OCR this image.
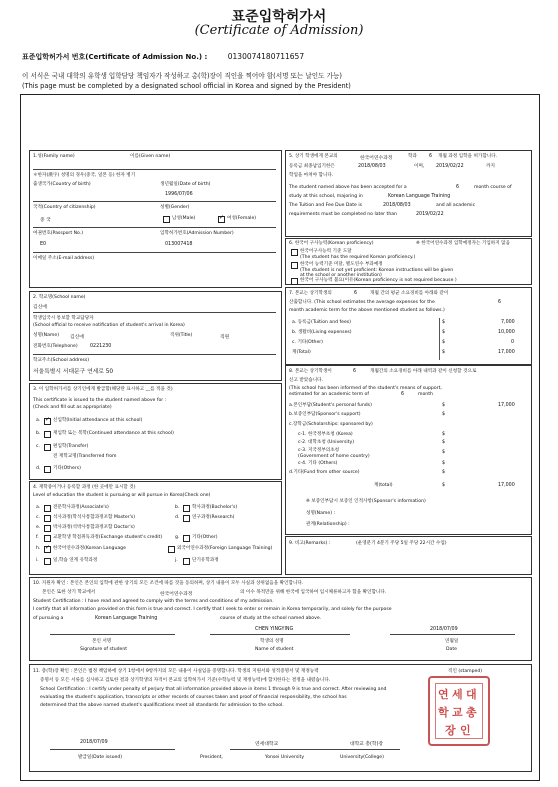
표준입학허가서
(Certificate of Admission)
표준입학허가서 번호(Certificate of Admission No.) :	0130074180711657
이 서식은 국내 대학의 유학생 입학담당 책임자가 작성하고 총(학)장이 직인을 찍어야 함(서명 또는 날인도 가능)
(This page must be completed by a designated school official in Korea and signed by the President)
1.성(Family name)	이름(Given name)
＊한자(漢字) 성명의 경우(중국, 일본 등) 한자 병기
출생국가(Country of birth)	생년월일(Date of birth)
1996/07/06
국적(Country of citizenship)	성별(Gender)
중 국	남성(Male) ✓	여성(Female)
여권번호(Passport No.)	입학허가번호(Admission Number)
E0	013007418
이메일 주소(E-mail address)
2. 학교명(School name)
김신애
학생입국시 통보할 학교담당자
(School official to receive notification of student's arrival in Korea)
성명(Name) 김신애	직위(Title)	직원
전화번호(Telephone)	0221230
학교주소(School address)
서울특별시 서대문구 연세로 50
3. 이 입학허가서를 상기인에게 발급함(해당란 표시하고 __를 적을 것)
This certificate is issued to the student named above for :
(Check and fill out as appropriate)
a. ✓	신입학(Initial attendance at this school)
b.	재입학 또는 복학(Continued attendance at this school)
c.	편입학(Transfer)
전 재학교명(Transferred from
d.	기타(Others)
4. 재학중이거나 등록할 과정 (한 곳에만 표시할 것)
Level of education the student is pursuing or will pursue in Korea(Check one)
a.	전문학사과정(Associate's)	b.	학사과정(Bachelor's)
c.	석사과정(학석사통합과정포함 Master's)	d.	연구과정(Research)
e.	박사과정(석박사통합과정포함 Doctor's)
f.	교환학생 학점취득과정(Exchange student's credit)	g.	기타(Other)
h. ✓	한국어연수과정(Korean Language	외국어연수과정(Foreign Language Training)
i.	일,학습 연계 유학과정	j.	단기유학과정
5. 상기 학생에게 본교의	한국어연수과정	학과	6 개월 과정 입학을 허가합니다.
등록금 최종납입기한은	2018/08/03	이며, 2019/02/22	까지
학업을 마쳐야 합니다.
The student named above has been accepted for a	6	month course of
study at this school, majoring in	Korean Language Training
The Tuition and Fee Due Date is	2018/08/03	and all academic
requirements must be completed no later than	2019/02/22
6. 한국어 구사능력(Korean proficiency)	※ 한국어연수과정 입학예정자는 기입하지 않음
한국어구사능력 기준 도달
(The student has the required Korean proficiency.)
한국어 능력기준 미달, 별도연수 부과예정
(The student is not yet proficient: Korean instructions will be given
at the school or another institution)
한국어 구사능력 불요(이유(Korean proficiency is not required because )
7. 본교는 상기학생의	6	개월 간의 평균 소요경비를 아래와 같이
산출합니다. (This school estimates the average expenses for the	6
month academic term for the above mentioned student as follows.)
a. 등록금(Tuition and fees)	$	7,000
b. 생활비(Living expenses)	$	10,000
c. 기타(Other)	$	0
계(Total)	$	17,000
8. 본교는 상기학생이	6	개월간의 소요경비를 아래 내역과 같이 신청할 것으로
신고 받았습니다.
(This school has been informed of the student's means of support,
estimated for an academic term of	6	month
a.본인부담(Student's personal funds)	$	17,000
b.보증인부담(Sponsor's support)	$
c.장학금(Scholarships: sponsored by)
c-1. 한국정부초청 (Korea)	$
c-2. 대학초청 (University)	$
c-3. 지국정부의초청	$
(Government of home country)
c-4. 기타 (Others)	$
d.기타(Fund from other source)	$
계(total)	$	17,000
※ 보증인부담시 보증인 인적사항(Sponsor's information)
성명(Name) :
관계(Relationship) :
9. 비고(Remarks) :	(운영분기 4분기 주당 5일 주당 22시간 수업)
10. 지원자 확인 : 본인은 본인의 입학에 관한 상기의 모든 조건에 따를 것을 동의하며, 상기 내용이 모두 사실과 상위없음을 확인합니다.
본인은 또한 상기 학교에서	한국어연수과정	의 이수 목적만을 위해 한국에 입국하여 임시체류하고자 함을 확인합니다.
Student Certification : I have read and agreed to comply with the terms and conditions of my admission.
I certify that all information provided on this form is true and correct. I certify that I seek to enter or remain in Korea temporarily, and solely for the purpose
of pursuing a	Korean Language Training	course of study at the school named above.
CHEN YINGYING	2018/07/09
본인 서명
Signature of student
학생의 성명
Name of student
연월일
Date
11. 총(학)장 확인 : 본인은 법정 책임하에 상기 1항에서 9항까지의 모든 내용이 사실임을 증명합니다. 학생의 지원서와 성적증명서 및 재정능력
증명서 등 모든 서류를 심사하고 검토한 결과 상기학생의 자격이 본교의 입학허가서 기준(수학능력 및 재정능력)에 합치한다는 결정을 내렸습니다.
School Certification : I certify under penalty of perjury that all information provided above in items 1 through 9 is true and correct. After reviewing and
evaluating the student's application, transcripts or other records of courses taken and proof of financial responsibility, the school has
determined that the above named student's qualifications meet all standards for admission to the school.
2018/07/09	연세대학교	대학교 총(학)장
발급일(Date issued)	President,	Yonsei University	University(College)
직인 (stamped)
연 세 대
학 교 총
장 인
